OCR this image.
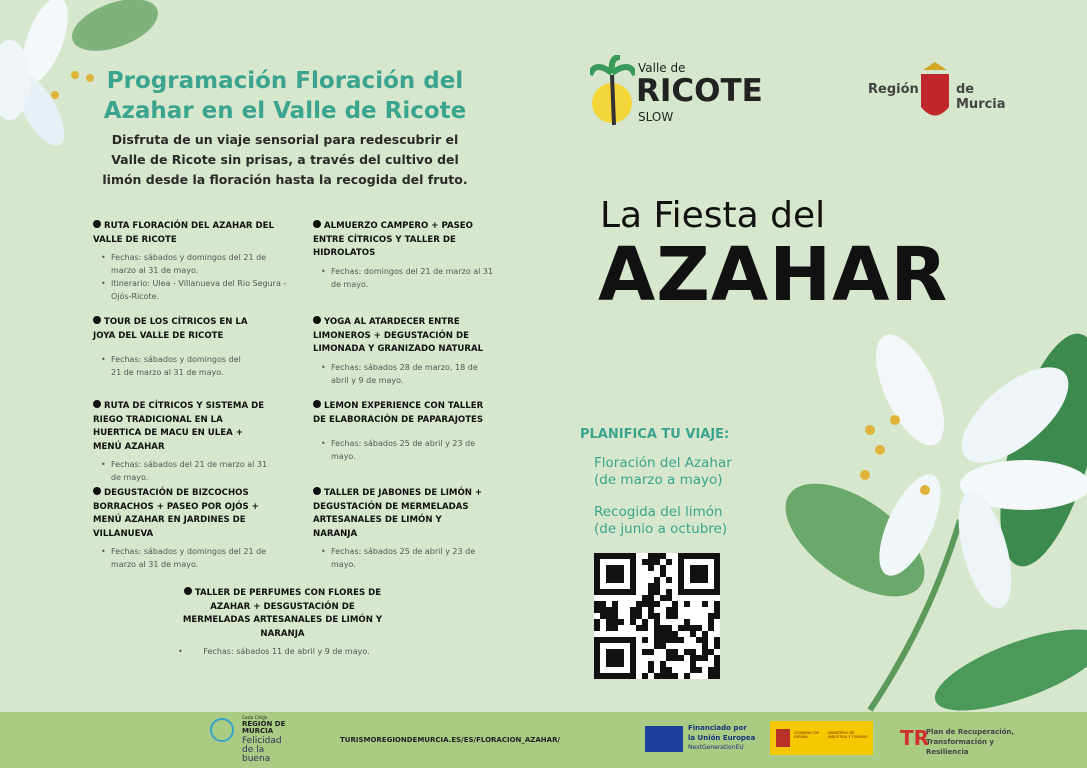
Programación Floración del Azahar en el Valle de Ricote

Disfruta de un viaje sensorial para redescubrir el Valle de Ricote sin prisas, a través del cultivo del limón desde la floración hasta la recogida del fruto.

RUTA FLORACIÓN DEL AZAHAR DEL VALLE DE RICOTE
• Fechas: sábados y domingos del 21 de marzo al 31 de mayo.
• Itinerario: Ulea - Villanueva del Rio Segura - Ojós-Ricote.
ALMUERZO CAMPERO + PASEO ENTRE CÍTRICOS Y TALLER DE HIDROLATOS
• Fechas: domingos del 21 de marzo al 31 de mayo.
TOUR DE LOS CÍTRICOS EN LA JOYA DEL VALLE DE RICOTE
• Fechas: sábados y domingos del 21 de marzo al 31 de mayo.
YOGA AL ATARDECER ENTRE LIMONEROS + DEGUSTACIÓN DE LIMONADA Y GRANIZADO NATURAL
• Fechas: sábados 28 de marzo, 18 de abril y 9 de mayo.
RUTA DE CÍTRICOS Y SISTEMA DE RIEGO TRADICIONAL EN LA HUERTICA DE MACU EN ULEA + MENÚ AZAHAR
• Fechas: sábados del 21 de marzo al 31 de mayo.
LEMON EXPERIENCE CON TALLER DE ELABORACIÓN DE PAPARAJOTES
• Fechas: sábados 25 de abril y 23 de mayo.
DEGUSTACIÓN DE BIZCOCHOS BORRACHOS + PASEO POR OJÓS + MENÚ AZAHAR EN JARDINES DE VILLANUEVA
• Fechas: sábados y domingos del 21 de marzo al 31 de mayo.
TALLER DE JABONES DE LIMÓN + DEGUSTACIÓN DE MERMELADAS ARTESANALES DE LIMÓN Y NARANJA
• Fechas: sábados 25 de abril y 23 de mayo.
TALLER DE PERFUMES CON FLORES DE AZAHAR + DESGUSTACIÓN DE MERMELADAS ARTESANALES DE LIMÓN Y NARANJA
• Fechas: sábados 11 de abril y 9 de mayo.
Valle de
RICOTE
SLOW
Región	de Murcia
La Fiesta del
AZAHAR
PLANIFICA TU VIAJE:
Floración del Azahar (de marzo a mayo)
Recogida del limón (de junio a octubre)
Costa Cálida
REGIÓN DE MURCIA
Felicidad de la buena
TURISMOREGIONDEMURCIA.ES/ES/FLORACION_AZAHAR/
Financiado por
la Unión Europea
NextGenerationEU
GOBIERNO DE ESPAÑA
MINISTERIO DE INDUSTRIA Y TURISMO TR
Plan de Recuperación, Transformación y Resiliencia
